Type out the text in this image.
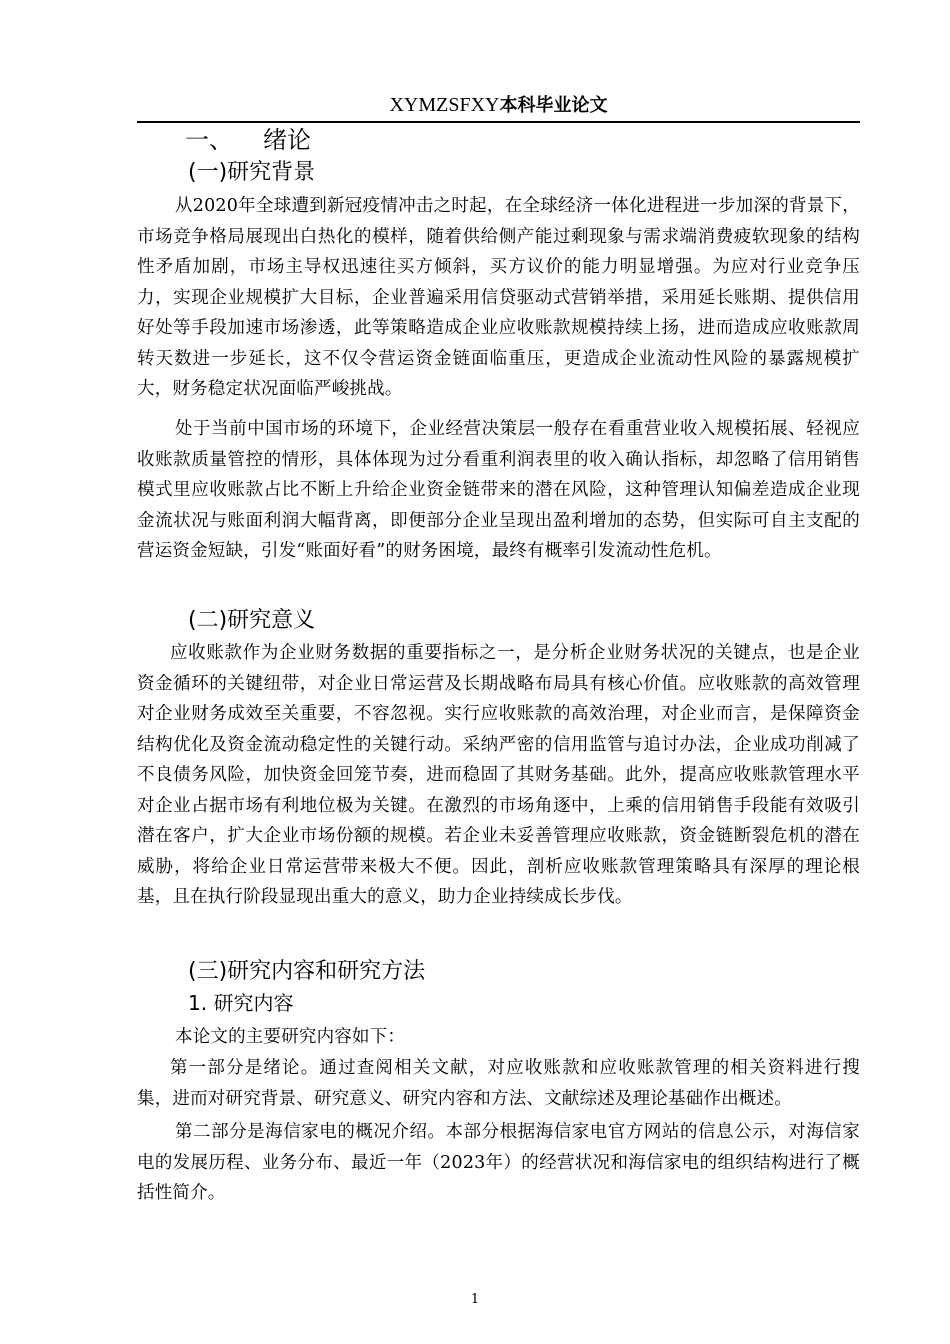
XYMZSFXY本科毕业论文
一、 绪论
(一)研究背景
从2020年全球遭到新冠疫情冲击之时起，在全球经济一体化进程进一步加深的背景下，市场竞争格局展现出白热化的模样，随着供给侧产能过剩现象与需求端消费疲软现象的结构性矛盾加剧，市场主导权迅速往买方倾斜，买方议价的能力明显增强。为应对行业竞争压力，实现企业规模扩大目标，企业普遍采用信贷驱动式营销举措，采用延长账期、提供信用好处等手段加速市场渗透，此等策略造成企业应收账款规模持续上扬，进而造成应收账款周转天数进一步延长，这不仅令营运资金链面临重压，更造成企业流动性风险的暴露规模扩大，财务稳定状况面临严峻挑战。
处于当前中国市场的环境下，企业经营决策层一般存在看重营业收入规模拓展、轻视应收账款质量管控的情形，具体体现为过分看重利润表里的收入确认指标，却忽略了信用销售模式里应收账款占比不断上升给企业资金链带来的潜在风险，这种管理认知偏差造成企业现金流状况与账面利润大幅背离，即便部分企业呈现出盈利增加的态势，但实际可自主支配的营运资金短缺，引发“账面好看”的财务困境，最终有概率引发流动性危机。
(二)研究意义
应收账款作为企业财务数据的重要指标之一，是分析企业财务状况的关键点，也是企业资金循环的关键纽带，对企业日常运营及长期战略布局具有核心价值。应收账款的高效管理对企业财务成效至关重要，不容忽视。实行应收账款的高效治理，对企业而言，是保障资金结构优化及资金流动稳定性的关键行动。采纳严密的信用监管与追讨办法，企业成功削减了不良债务风险，加快资金回笼节奏，进而稳固了其财务基础。此外，提高应收账款管理水平对企业占据市场有利地位极为关键。在激烈的市场角逐中，上乘的信用销售手段能有效吸引潜在客户，扩大企业市场份额的规模。若企业未妥善管理应收账款，资金链断裂危机的潜在威胁，将给企业日常运营带来极大不便。因此，剖析应收账款管理策略具有深厚的理论根基，且在执行阶段显现出重大的意义，助力企业持续成长步伐。
(三)研究内容和研究方法
1. 研究内容
本论文的主要研究内容如下：
第一部分是绪论。通过查阅相关文献，对应收账款和应收账款管理的相关资料进行搜集，进而对研究背景、研究意义、研究内容和方法、文献综述及理论基础作出概述。
第二部分是海信家电的概况介绍。本部分根据海信家电官方网站的信息公示，对海信家电的发展历程、业务分布、最近一年（2023年）的经营状况和海信家电的组织结构进行了概括性简介。
1
